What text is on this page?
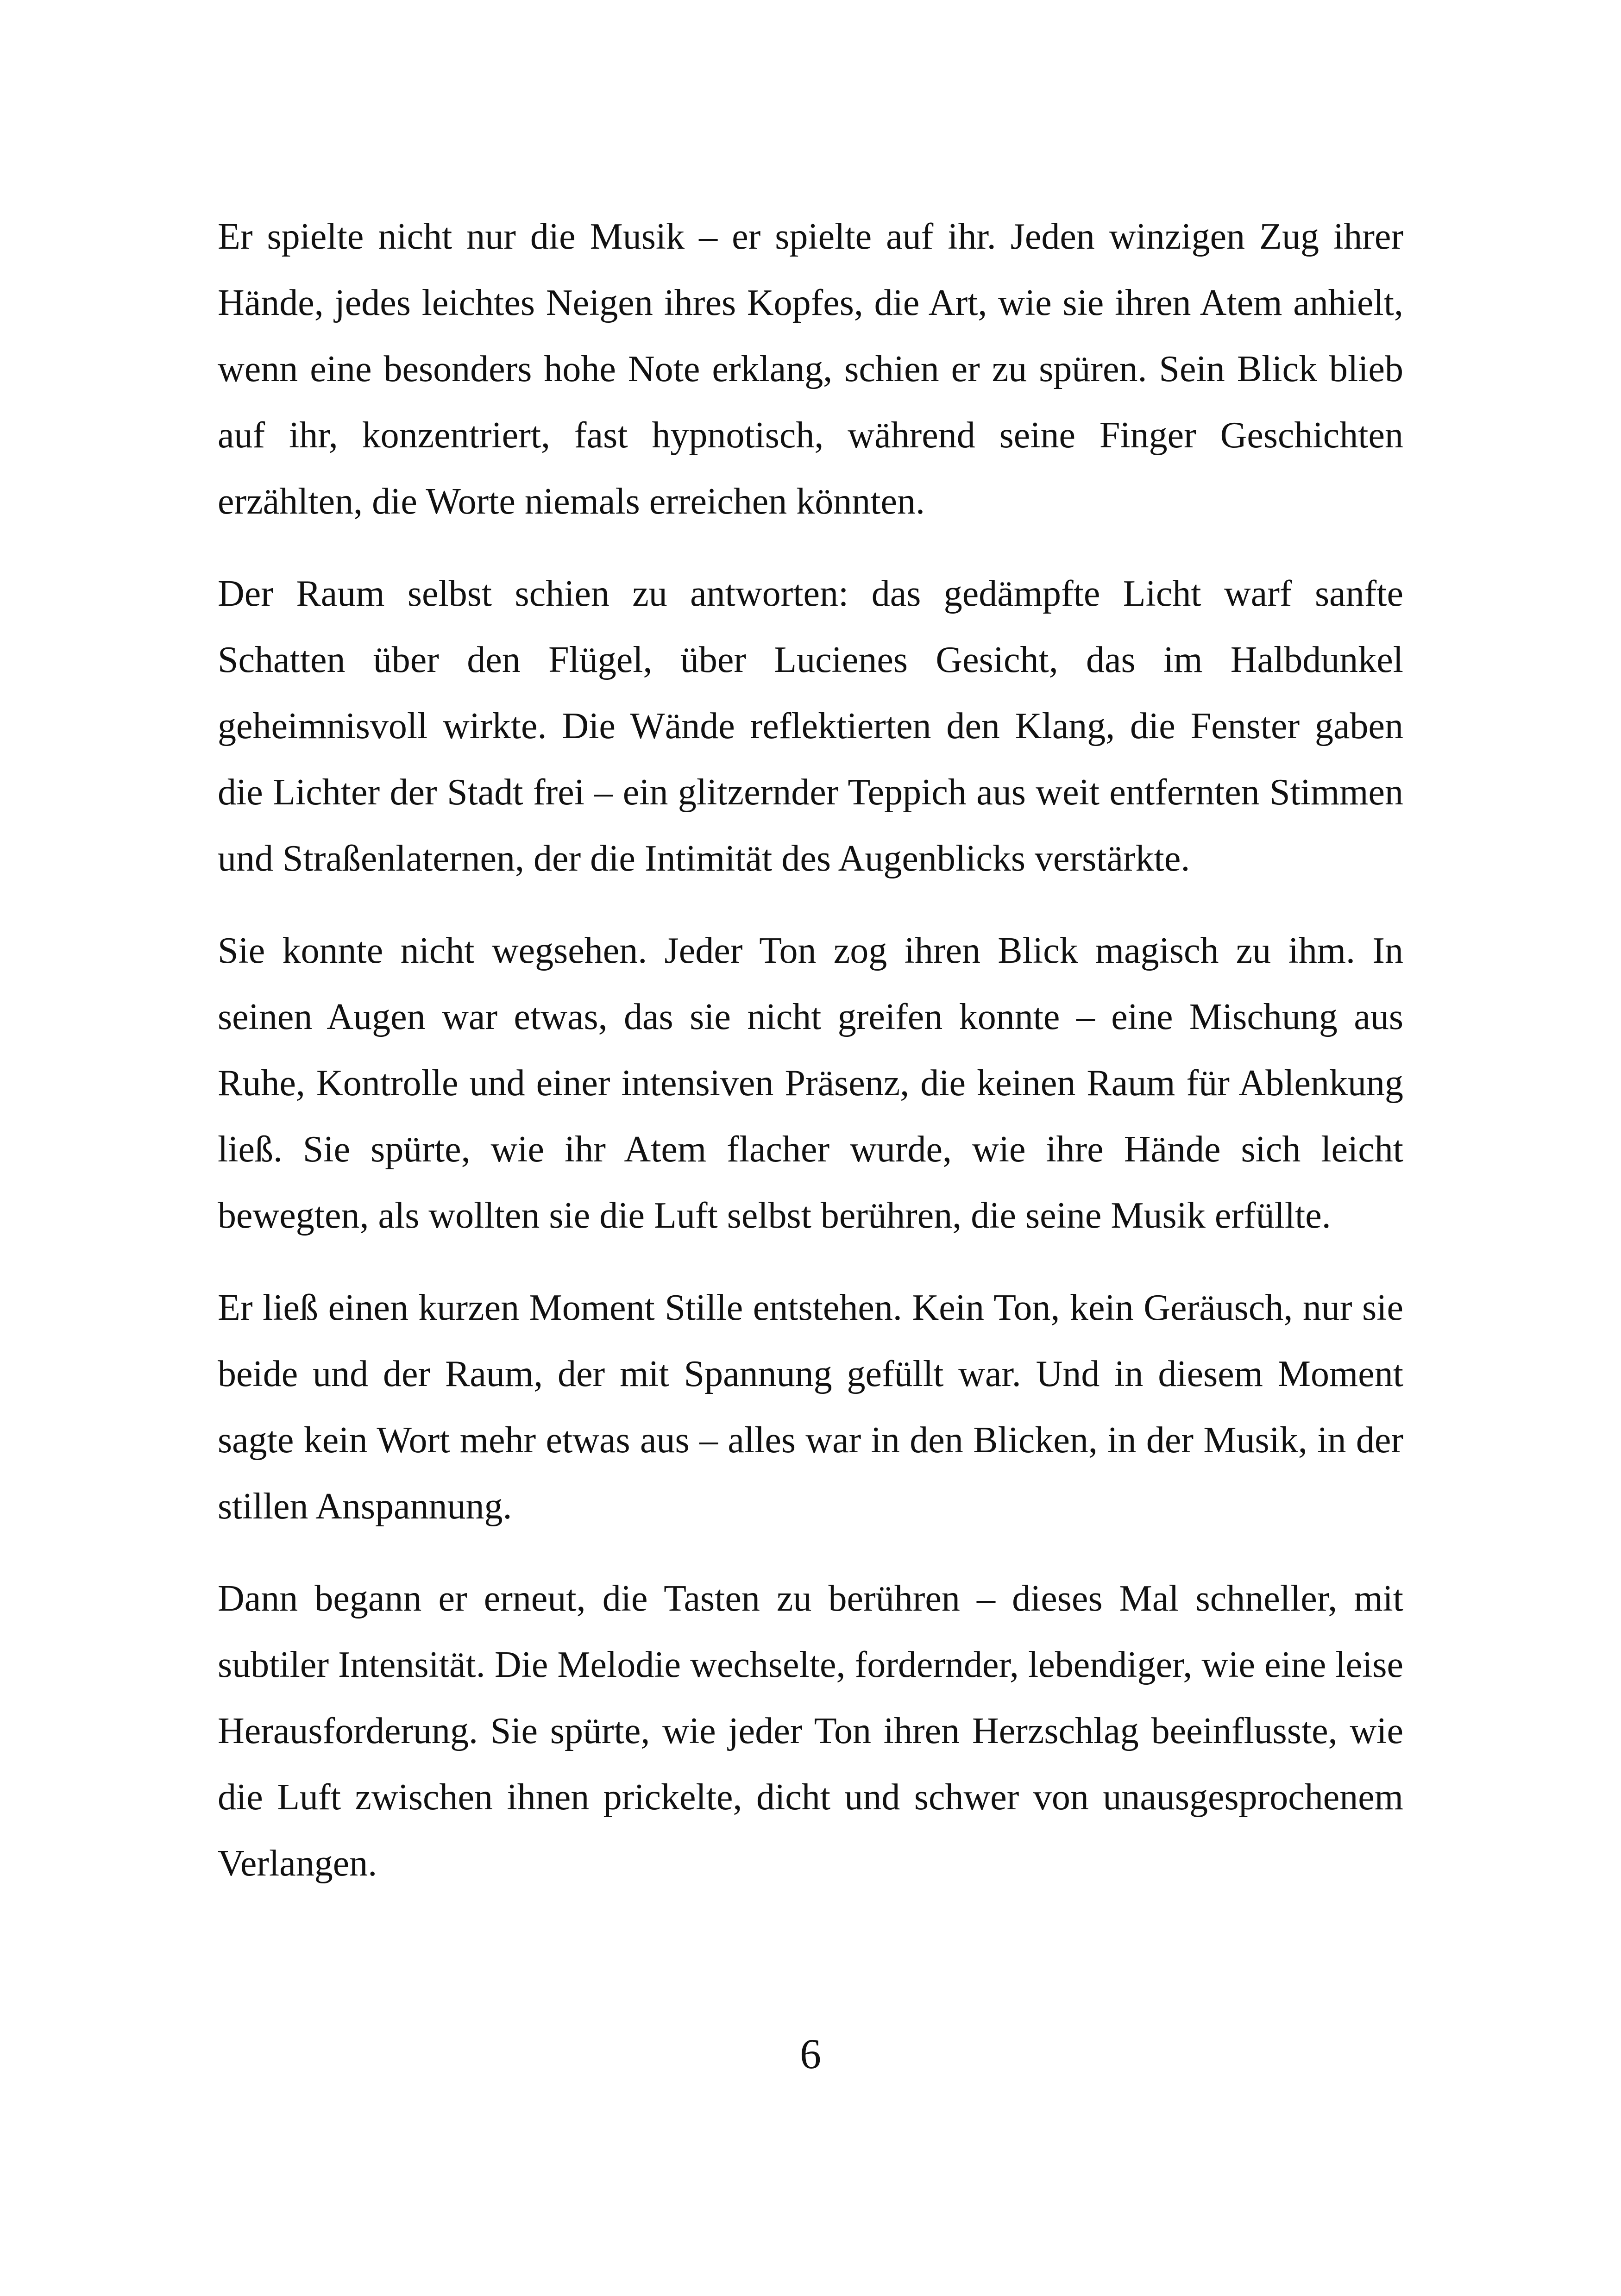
Er spielte nicht nur die Musik – er spielte auf ihr. Jeden winzigen Zug ihrer Hände, jedes leichtes Neigen ihres Kopfes, die Art, wie sie ihren Atem anhielt, wenn eine besonders hohe Note erklang, schien er zu spüren. Sein Blick blieb auf ihr, konzentriert, fast hypnotisch, während seine Finger Geschichten erzählten, die Worte niemals erreichen könnten.

Der Raum selbst schien zu antworten: das gedämpfte Licht warf sanfte Schatten über den Flügel, über Lucienes Gesicht, das im Halbdunkel geheimnisvoll wirkte. Die Wände reflektierten den Klang, die Fenster gaben die Lichter der Stadt frei – ein glitzernder Teppich aus weit entfernten Stimmen und Straßenlaternen, der die Intimität des Augenblicks verstärkte.

Sie konnte nicht wegsehen. Jeder Ton zog ihren Blick magisch zu ihm. In seinen Augen war etwas, das sie nicht greifen konnte – eine Mischung aus Ruhe, Kontrolle und einer intensiven Präsenz, die keinen Raum für Ablenkung ließ. Sie spürte, wie ihr Atem flacher wurde, wie ihre Hände sich leicht bewegten, als wollten sie die Luft selbst berühren, die seine Musik erfüllte.

Er ließ einen kurzen Moment Stille entstehen. Kein Ton, kein Geräusch, nur sie beide und der Raum, der mit Spannung gefüllt war. Und in diesem Moment sagte kein Wort mehr etwas aus – alles war in den Blicken, in der Musik, in der stillen Anspannung.

Dann begann er erneut, die Tasten zu berühren – dieses Mal schneller, mit subtiler Intensität. Die Melodie wechselte, fordernder, lebendiger, wie eine leise Herausforderung. Sie spürte, wie jeder Ton ihren Herzschlag beeinflusste, wie die Luft zwischen ihnen prickelte, dicht und schwer von unausgesprochenem Verlangen.

6
